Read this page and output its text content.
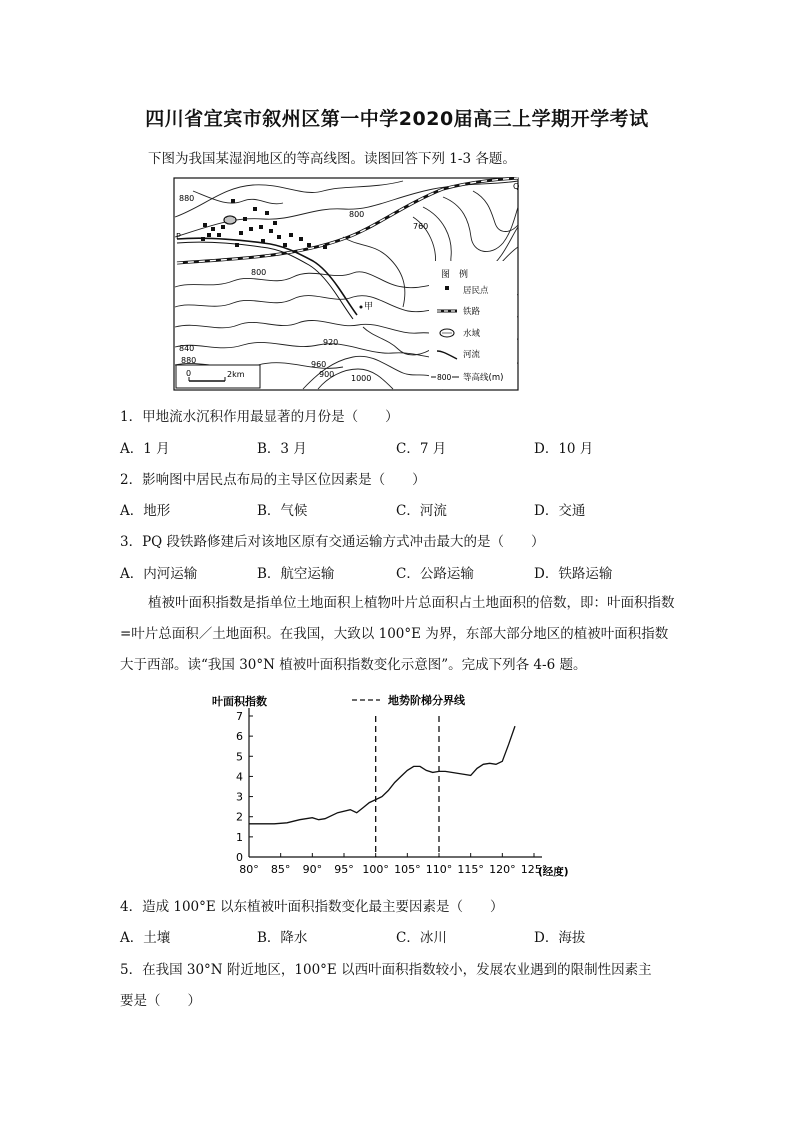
四川省宜宾市叙州区第一中学2020届高三上学期开学考试
下图为我国某湿润地区的等高线图。读图回答下列 1-3 各题。
880
800
760
800
840
880
920
960
900 1000
P
Q
甲
0	2km
图　例
居民点
铁路
水域
河流
800 等高线(m)
1．甲地流水沉积作用最显著的月份是（　　）
A．1 月	B．3 月	C．7 月	D．10 月
2．影响图中居民点布局的主导区位因素是（　　）
A．地形	B．气候	C．河流	D．交通
3．PQ 段铁路修建后对该地区原有交通运输方式冲击最大的是（　　）
A．内河运输	B．航空运输	C．公路运输	D．铁路运输
植被叶面积指数是指单位土地面积上植物叶片总面积占土地面积的倍数，即：叶面积指数=叶片总面积／土地面积。在我国，大致以 100°E 为界，东部大部分地区的植被叶面积指数大于西部。读“我国 30°N 植被叶面积指数变化示意图”。完成下列各 4-6 题。
叶面积指数	地势阶梯分界线
0
1
2
3
4
5
6
7
80° 85° 90° 95° 100° 105° 110° 115° 120° 125°
(经度)
4．造成 100°E 以东植被叶面积指数变化最主要因素是（　　）
A．土壤	B．降水	C．冰川	D．海拔
5．在我国 30°N 附近地区，100°E 以西叶面积指数较小，发展农业遇到的限制性因素主
要是（　　）
